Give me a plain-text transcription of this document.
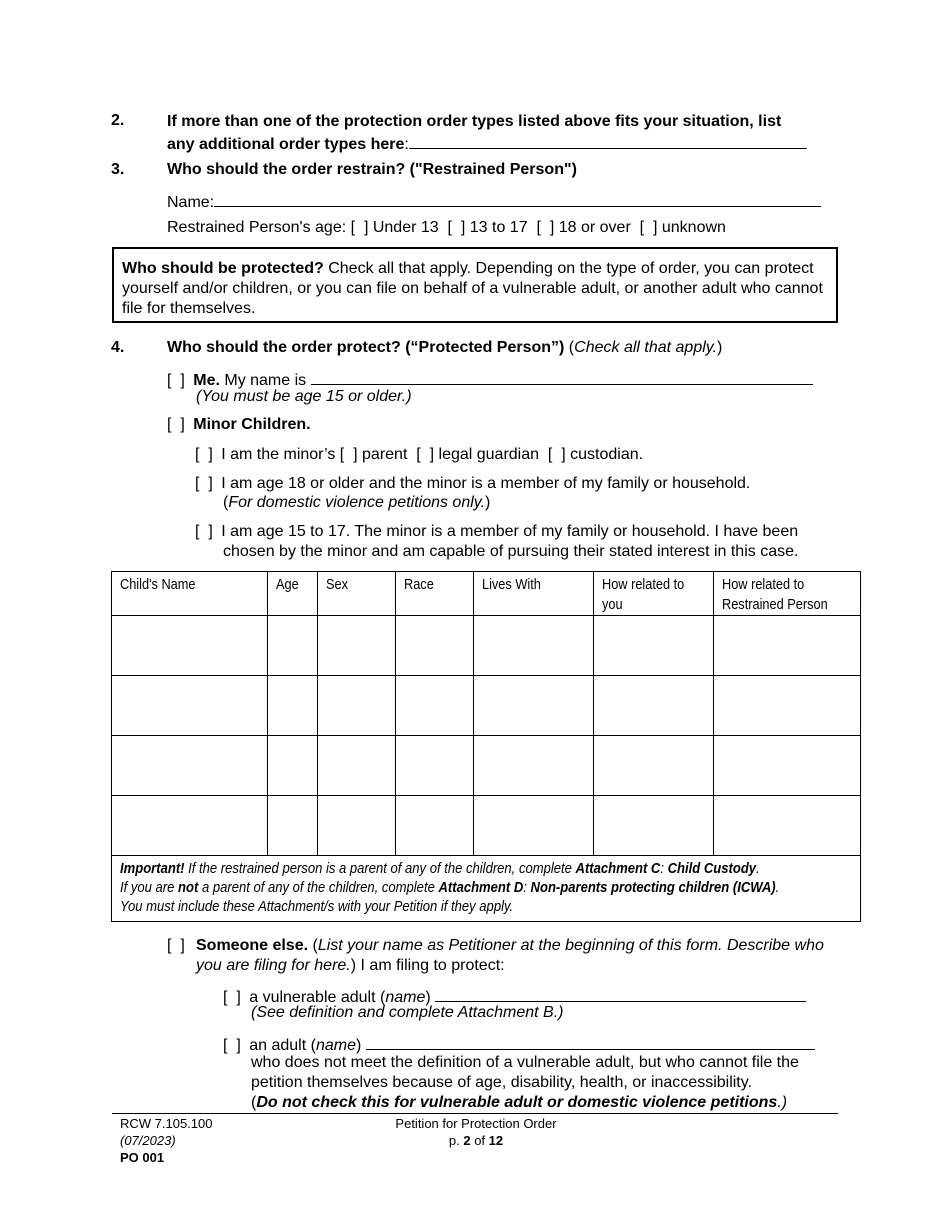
2.	If more than one of the protection order types listed above fits your situation, list
any additional order types here:
3.	Who should the order restrain? ("Restrained Person")
Name:
Restrained Person's age: [  ] Under 13 [  ] 13 to 17 [  ] 18 or over [  ] unknown
Who should be protected? Check all that apply. Depending on the type of order, you can protect yourself and/or children, or you can file on behalf of a vulnerable adult, or another adult who cannot file for themselves.
4.	Who should the order protect? (“Protected Person”) (Check all that apply.)
[  ] Me. My name is
(You must be age 15 or older.)
[  ] Minor Children.
[  ] I am the minor’s [  ] parent  [  ] legal guardian  [  ] custodian.
[  ] I am age 18 or older and the minor is a member of my family or household.
(For domestic violence petitions only.)
[  ] I am age 15 to 17. The minor is a member of my family or household. I have been
chosen by the minor and am capable of pursuing their stated interest in this case.
Child's Name	Age	Sex	Race	Lives With	How related to you	How related to Restrained Person

Important! If the restrained person is a parent of any of the children, complete Attachment C: Child Custody.
If you are not a parent of any of the children, complete Attachment D: Non-parents protecting children (ICWA).
You must include these Attachment/s with your Petition if they apply.						
[  ] Someone else. (List your name as Petitioner at the beginning of this form. Describe who you are filing for here.) I am filing to protect:
[  ] a vulnerable adult (name)
(See definition and complete Attachment B.)
[  ] an adult (name)
who does not meet the definition of a vulnerable adult, but who cannot file the
petition themselves because of age, disability, health, or inaccessibility.
(Do not check this for vulnerable adult or domestic violence petitions.)
RCW 7.105.100
(07/2023)
PO 001
Petition for Protection Order
p. 2 of 12
